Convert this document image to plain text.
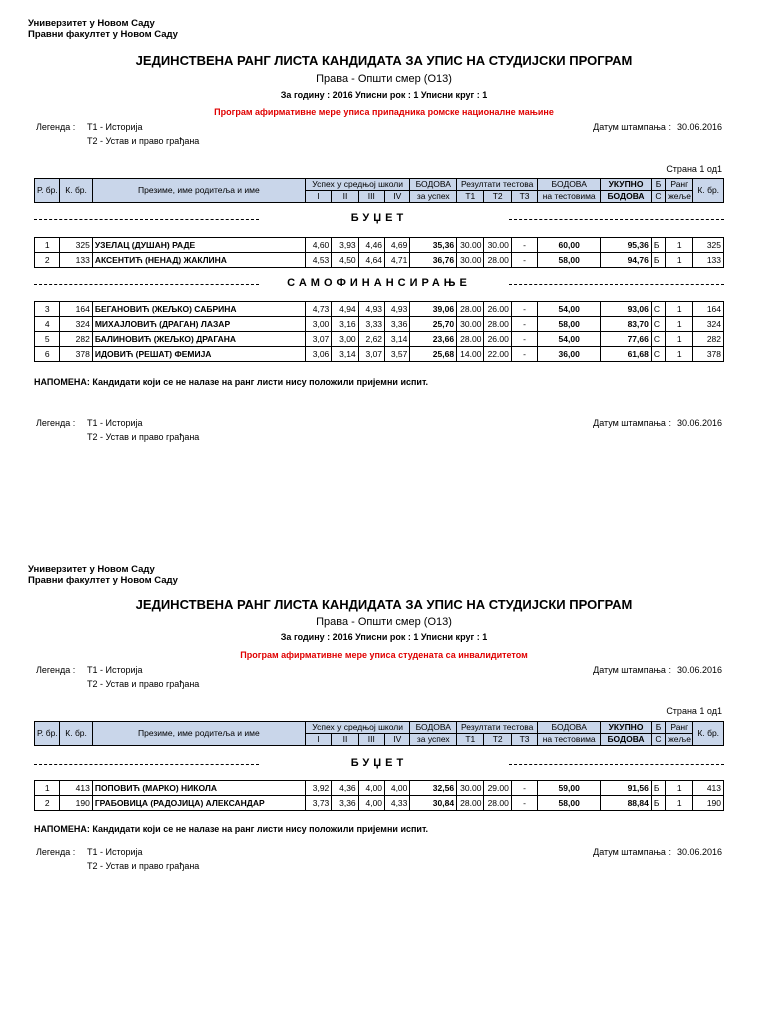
Универзитет у Новом Саду
Правни факултет у Новом Саду
ЈЕДИНСТВЕНА РАНГ ЛИСТА КАНДИДАТА ЗА УПИС НА СТУДИЈСКИ ПРОГРАМ
Права - Општи смер (О13)
За годину : 2016 Уписни рок : 1 Уписни круг : 1
Програм афирмативне мере уписа припадника ромске националне мањине
Легенда : Т1 - Историја
Т2 - Устав и право грађана
Датум штампања : 30.06.2016
Страна 1 од1
Р. бр.	К. бр.	Презиме, име родитеља и име	Успех у средњој школи				БОДОВА	Резултати тестова			БОДОВА	УКУПНО	Б	Ранг	К. бр.
			I	II	III	IV	за успех	Т1	Т2	Т3	на тестовима	БОДОВА	С	жеље	
БУЏЕТ
1	325	УЗЕЛАЦ (ДУШАН) РАДЕ	4,60	3,93	4,46	4,69	35,36	30.00	30.00	-	60,00	95,36	Б	1	325
2	133	АКСЕНТИЋ (НЕНАД) ЖАКЛИНА	4,53	4,50	4,64	4,71	36,76	30.00	28.00	-	58,00	94,76	Б	1	133
САМОФИНАНСИРАЊЕ
3	164	БЕГАНОВИЋ (ЖЕЉКО) САБРИНА	4,73	4,94	4,93	4,93	39,06	28.00	26.00	-	54,00	93,06	С	1	164
4	324	МИХАЈЛОВИЋ (ДРАГАН) ЛАЗАР	3,00	3,16	3,33	3,36	25,70	30.00	28.00	-	58,00	83,70	С	1	324
5	282	БАЛИНОВИЋ (ЖЕЉКО) ДРАГАНА	3,07	3,00	2,62	3,14	23,66	28.00	26.00	-	54,00	77,66	С	1	282
6	378	ИДОВИЋ (РЕШАТ) ФЕМИЈА	3,06	3,14	3,07	3,57	25,68	14.00	22.00	-	36,00	61,68	С	1	378
НАПОМЕНА: Кандидати који се не налазе на ранг листи нису положили пријемни испит.
Легенда : Т1 - Историја
Т2 - Устав и право грађана
Датум штампања : 30.06.2016
Универзитет у Новом Саду
Правни факултет у Новом Саду
ЈЕДИНСТВЕНА РАНГ ЛИСТА КАНДИДАТА ЗА УПИС НА СТУДИЈСКИ ПРОГРАМ
Права - Општи смер (О13)
За годину : 2016 Уписни рок : 1 Уписни круг : 1
Програм афирмативне мере уписа студената са инвалидитетом
Легенда : Т1 - Историја
Т2 - Устав и право грађана
Датум штампања : 30.06.2016
Страна 1 од1
Р. бр.	К. бр.	Презиме, име родитеља и име	Успех у средњој школи				БОДОВА	Резултати тестова			БОДОВА	УКУПНО	Б	Ранг	К. бр.
			I	II	III	IV	за успех	Т1	Т2	Т3	на тестовима	БОДОВА	С	жеље	
БУЏЕТ
1	413	ПОПОВИЋ (МАРКО) НИКОЛА	3,92	4,36	4,00	4,00	32,56	30.00	29.00	-	59,00	91,56	Б	1	413
2	190	ГРАБОВИЦА (РАДОЈИЦА) АЛЕКСАНДАР	3,73	3,36	4,00	4,33	30,84	28.00	28.00	-	58,00	88,84	Б	1	190
НАПОМЕНА: Кандидати који се не налазе на ранг листи нису положили пријемни испит.
Легенда : Т1 - Историја
Т2 - Устав и право грађана
Датум штампања : 30.06.2016
